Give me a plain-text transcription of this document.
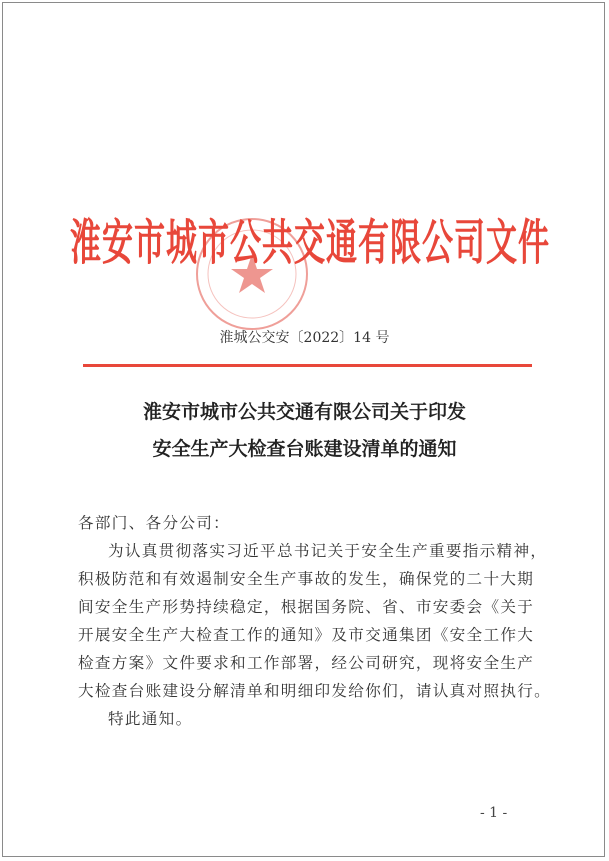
淮安市城市公共交通有限公司文件
淮城公交安〔2022〕14 号
淮安市城市公共交通有限公司关于印发
安全生产大检查台账建设清单的通知
各部门、各分公司：
为认真贯彻落实习近平总书记关于安全生产重要指示精神，
积极防范和有效遏制安全生产事故的发生，确保党的二十大期
间安全生产形势持续稳定，根据国务院、省、市安委会《关于
开展安全生产大检查工作的通知》及市交通集团《安全工作大
检查方案》文件要求和工作部署，经公司研究，现将安全生产
大检查台账建设分解清单和明细印发给你们，请认真对照执行。
特此通知。
- 1 -
